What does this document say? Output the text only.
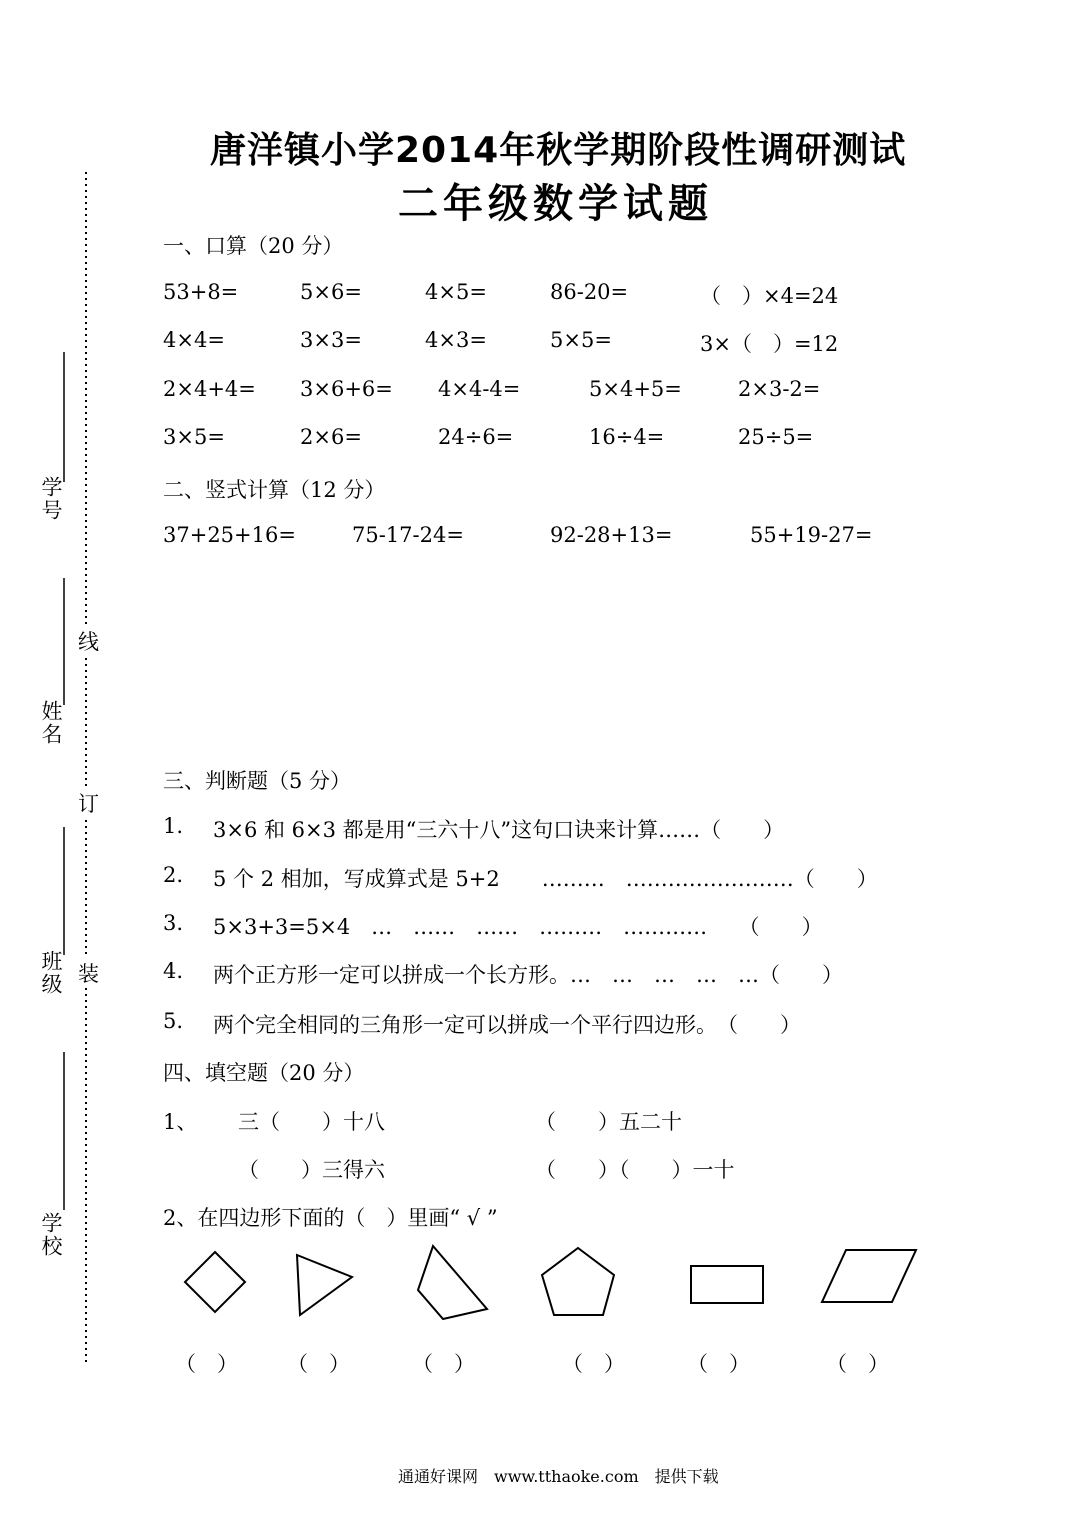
唐洋镇小学2014年秋学期阶段性调研测试
二年级数学试题
学号
姓名
班级
学校
线
订
装
一、口算（20 分）
53+8=	5×6=	4×5=	86-20=	（　）×4=24
4×4=	3×3=	4×3=	5×5=	3×（　）=12
2×4+4= 3×6+6= 4×4-4=	5×4+5=	2×3-2=
3×5=	2×6=	24÷6=	16÷4=	25÷5=
二、竖式计算（12 分）
37+25+16=	75-17-24=	92-28+13=	55+19-27=
三、判断题（5 分）
1. 3×6 和 6×3 都是用“三六十八”这句口诀来计算……（　　）
2. 5 个 2 相加，写成算式是 5+2　　………　……………………（　　）
3. 5×3+3=5×4　…　……　……　………　…………　　（　　）
4. 两个正方形一定可以拼成一个长方形。…　…　…　…　…（　　）
5. 两个完全相同的三角形一定可以拼成一个平行四边形。　（　　）
四、填空题（20 分）
1、 三（　　）十八	（　　）五二十
（　　）三得六	（　　）（　　）一十
2、在四边形下面的（　）里画“ √ ”
（　） （　）	（　）	（　）	（　）	（　）
通通好课网　www.tthaoke.com　提供下载
